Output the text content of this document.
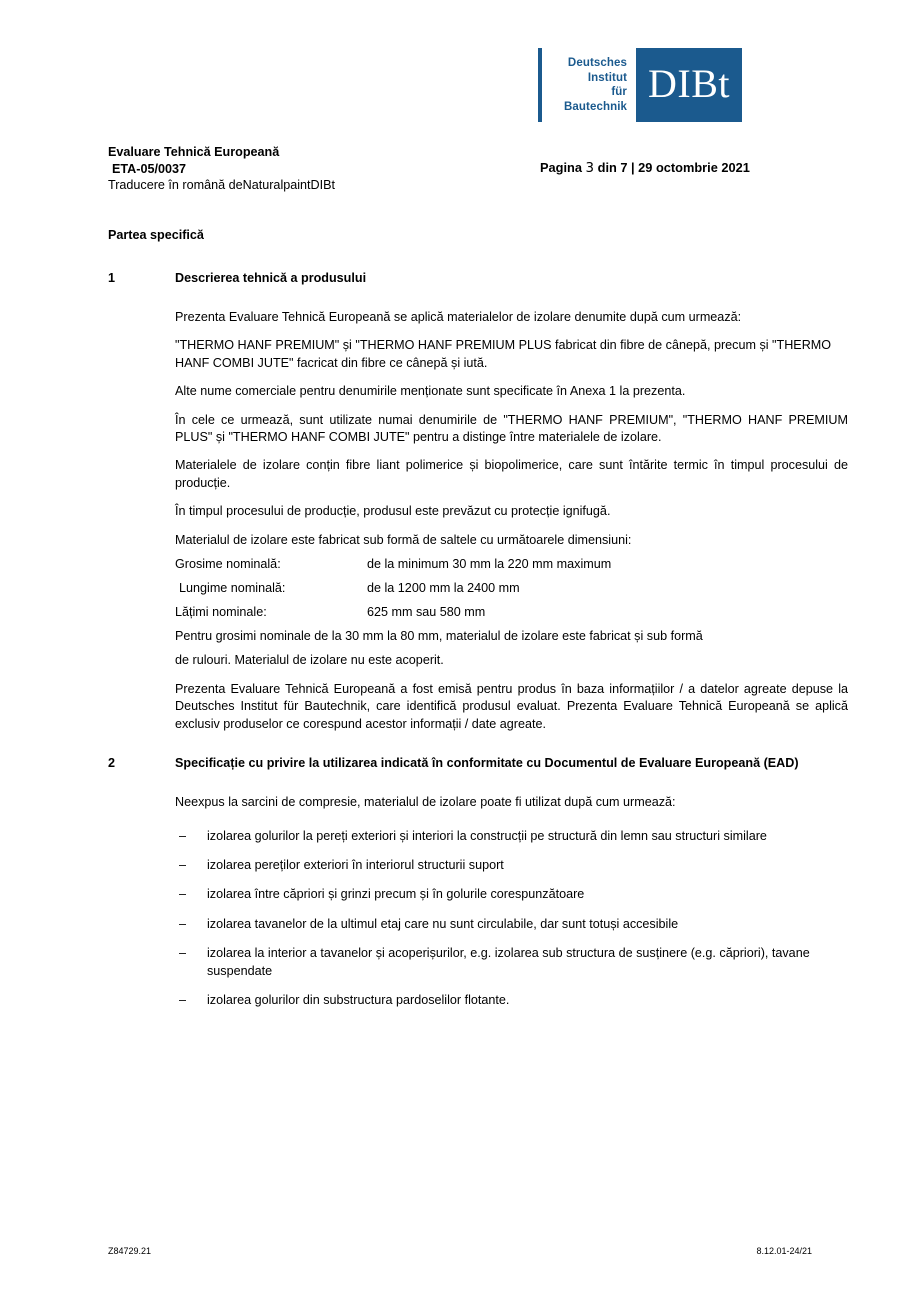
Deutsches
Institut
für
Bautechnik
DIBt
Evaluare Tehnică Europeană
ETA-05/0037
Traducere în română deNaturalpaintDIBt
Pagina 3 din 7 | 29 octombrie 2021
Partea specifică
1	Descrierea tehnică a produsului

Prezenta Evaluare Tehnică Europeană se aplică materialelor de izolare denumite după cum urmează:

"THERMO HANF PREMIUM" și "THERMO HANF PREMIUM PLUS fabricat din fibre de cânepă, precum și "THERMO HANF COMBI JUTE" facricat din fibre ce cânepă și iută.

Alte nume comerciale pentru denumirile menționate sunt specificate în Anexa 1 la prezenta.

În cele ce urmează, sunt utilizate numai denumirile de "THERMO HANF PREMIUM", "THERMO HANF PREMIUM PLUS" și "THERMO HANF COMBI JUTE" pentru a distinge între materialele de izolare.

Materialele de izolare conțin fibre liant polimerice și biopolimerice, care sunt întărite termic în timpul procesului de producție.

În timpul procesului de producție, produsul este prevăzut cu protecție ignifugă.

Materialul de izolare este fabricat sub formă de saltele cu următoarele dimensiuni:

Grosime nominală:	de la minimum 30 mm la 220 mm maximum
Lungime nominală:	de la 1200 mm la 2400 mm
Lățimi nominale:	625 mm sau 580 mm

Pentru grosimi nominale de la 30 mm la 80 mm, materialul de izolare este fabricat și sub formă

de rulouri. Materialul de izolare nu este acoperit.

Prezenta Evaluare Tehnică Europeană a fost emisă pentru produs în baza informațiilor / a datelor agreate depuse la Deutsches Institut für Bautechnik, care identifică produsul evaluat. Prezenta Evaluare Tehnică Europeană se aplică exclusiv produselor ce corespund acestor informații / date agreate.

2	Specificație cu privire la utilizarea indicată în conformitate cu Documentul de Evaluare Europeană (EAD)

Neexpus la sarcini de compresie, materialul de izolare poate fi utilizat după cum urmează:

– izolarea golurilor la pereți exteriori și interiori la construcții pe structură din lemn sau structuri similare
– izolarea pereților exteriori în interiorul structurii suport
– izolarea între căpriori și grinzi precum și în golurile corespunzătoare
– izolarea tavanelor de la ultimul etaj care nu sunt circulabile, dar sunt totuși accesibile
– izolarea la interior a tavanelor și acoperișurilor, e.g. izolarea sub structura de susținere (e.g. căpriori), tavane suspendate
– izolarea golurilor din substructura pardoselilor flotante.
Z84729.21	8.12.01-24/21
